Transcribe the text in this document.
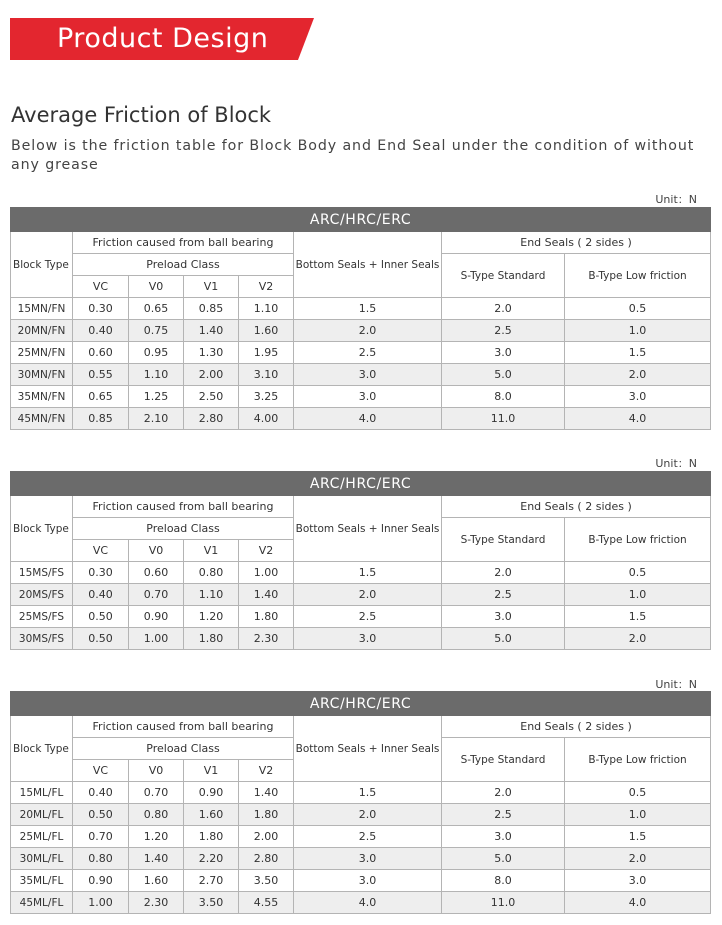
Product Design
Average Friction of Block
Below is the friction table for Block Body and End Seal under the condition of without any grease
Unit：N
ARC/HRC/ERC							
Block Type	Friction caused from ball bearing				Bottom Seals + Inner Seals	End Seals ( 2 sides )	
	Preload Class					S-Type Standard	B-Type Low friction
	VC	V0	V1	V2			
15MN/FN	0.30	0.65	0.85	1.10	1.5	2.0	0.5
20MN/FN	0.40	0.75	1.40	1.60	2.0	2.5	1.0
25MN/FN	0.60	0.95	1.30	1.95	2.5	3.0	1.5
30MN/FN	0.55	1.10	2.00	3.10	3.0	5.0	2.0
35MN/FN	0.65	1.25	2.50	3.25	3.0	8.0	3.0
45MN/FN	0.85	2.10	2.80	4.00	4.0	11.0	4.0
Unit：N
ARC/HRC/ERC							
Block Type	Friction caused from ball bearing				Bottom Seals + Inner Seals	End Seals ( 2 sides )	
	Preload Class					S-Type Standard	B-Type Low friction
	VC	V0	V1	V2			
15MS/FS	0.30	0.60	0.80	1.00	1.5	2.0	0.5
20MS/FS	0.40	0.70	1.10	1.40	2.0	2.5	1.0
25MS/FS	0.50	0.90	1.20	1.80	2.5	3.0	1.5
30MS/FS	0.50	1.00	1.80	2.30	3.0	5.0	2.0
Unit：N
ARC/HRC/ERC							
Block Type	Friction caused from ball bearing				Bottom Seals + Inner Seals	End Seals ( 2 sides )	
	Preload Class					S-Type Standard	B-Type Low friction
	VC	V0	V1	V2			
15ML/FL	0.40	0.70	0.90	1.40	1.5	2.0	0.5
20ML/FL	0.50	0.80	1.60	1.80	2.0	2.5	1.0
25ML/FL	0.70	1.20	1.80	2.00	2.5	3.0	1.5
30ML/FL	0.80	1.40	2.20	2.80	3.0	5.0	2.0
35ML/FL	0.90	1.60	2.70	3.50	3.0	8.0	3.0
45ML/FL	1.00	2.30	3.50	4.55	4.0	11.0	4.0
